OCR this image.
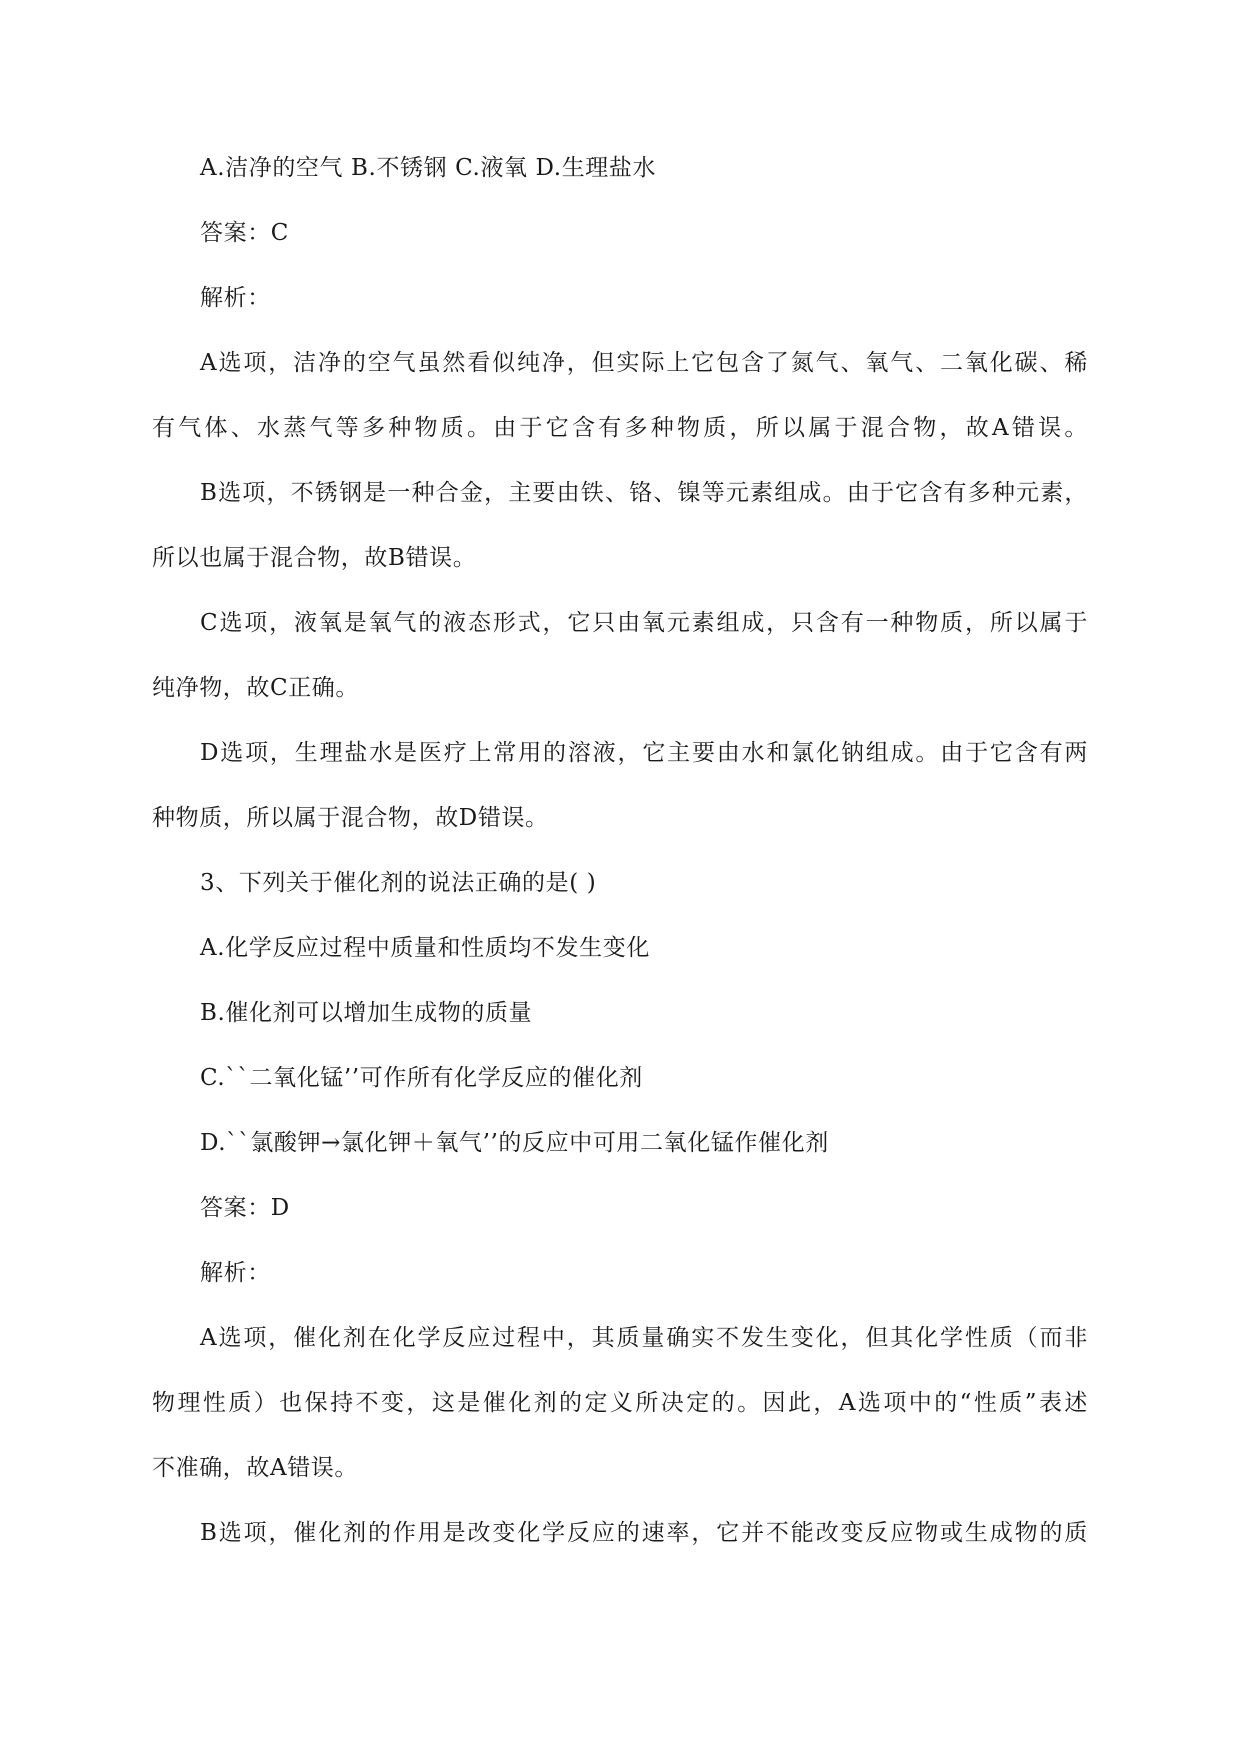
A.洁净的空气 B.不锈钢 C.液氧 D.生理盐水
答案：C
解析：
A选项，洁净的空气虽然看似纯净，但实际上它包含了氮气、氧气、二氧化碳、稀
有气体、水蒸气等多种物质。由于它含有多种物质，所以属于混合物，故A错误。
B选项，不锈钢是一种合金，主要由铁、铬、镍等元素组成。由于它含有多种元素，
所以也属于混合物，故B错误。
C选项，液氧是氧气的液态形式，它只由氧元素组成，只含有一种物质，所以属于
纯净物，故C正确。
D选项，生理盐水是医疗上常用的溶液，它主要由水和氯化钠组成。由于它含有两
种物质，所以属于混合物，故D错误。
3、下列关于催化剂的说法正确的是( )
A.化学反应过程中质量和性质均不发生变化
B.催化剂可以增加生成物的质量
C.``二氧化锰’’可作所有化学反应的催化剂
D.``氯酸钾→氯化钾＋氧气’’的反应中可用二氧化锰作催化剂
答案：D
解析：
A选项，催化剂在化学反应过程中，其质量确实不发生变化，但其化学性质（而非
物理性质）也保持不变，这是催化剂的定义所决定的。因此，A选项中的“性质”表述
不准确，故A错误。
B选项，催化剂的作用是改变化学反应的速率，它并不能改变反应物或生成物的质
